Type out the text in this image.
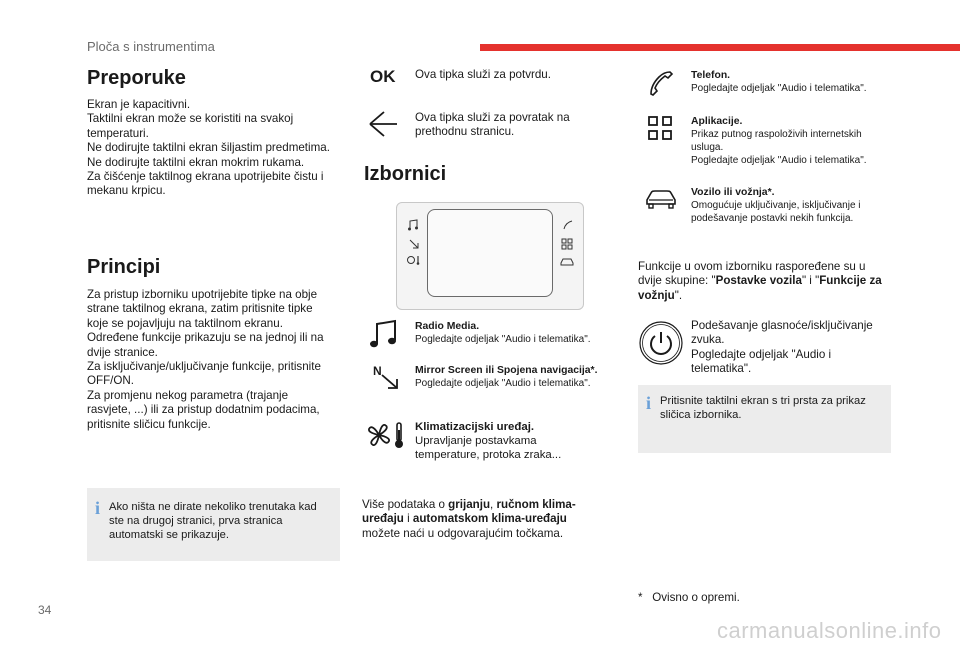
Ploča s instrumentima
Preporuke

Ekran je kapacitivni.

Taktilni ekran može se koristiti na svakoj temperaturi.

Ne dodirujte taktilni ekran šiljastim predmetima.

Ne dodirujte taktilni ekran mokrim rukama.

Za čišćenje taktilnog ekrana upotrijebite čistu i mekanu krpicu.

Principi

Za pristup izborniku upotrijebite tipke na obje strane taktilnog ekrana, zatim pritisnite tipke koje se pojavljuju na taktilnom ekranu.

Određene funkcije prikazuju se na jednoj ili na dvije stranice.

Za isključivanje/uključivanje funkcije, pritisnite OFF/ON.

Za promjenu nekog parametra (trajanje rasvjete, ...) ili za pristup dodatnim podacima, pritisnite sličicu funkcije.

i Ako ništa ne dirate nekoliko trenutaka kad ste na drugoj stranici, prva stranica automatski se prikazuje.
OK Ova tipka služi za potvrdu.
Ova tipka služi za povratak na prethodnu stranicu.
Izbornici
Radio Media.
Pogledajte odjeljak "Audio i telematika".
N	Mirror Screen ili Spojena navigacija*.
Pogledajte odjeljak "Audio i telematika".
Klimatizacijski uređaj.
Upravljanje postavkama temperature, protoka zraka...
Više podataka o grijanju, ručnom klima-uređaju i automatskom klima-uređaju možete naći u odgovarajućim točkama.
Telefon.
Pogledajte odjeljak "Audio i telematika".
Aplikacije.
Prikaz putnog raspoloživih internetskih usluga.
Pogledajte odjeljak "Audio i telematika".
Vozilo ili vožnja*.
Omogućuje uključivanje, isključivanje i podešavanje postavki nekih funkcija.
Funkcije u ovom izborniku raspoređene su u dvije skupine: "Postavke vozila" i "Funkcije za vožnju".
Podešavanje glasnoće/isključivanje zvuka.
Pogledajte odjeljak "Audio i telematika".
i Pritisnite taktilni ekran s tri prsta za prikaz sličica izbornika.
* Ovisno o opremi.
34
carmanualsonline.info
